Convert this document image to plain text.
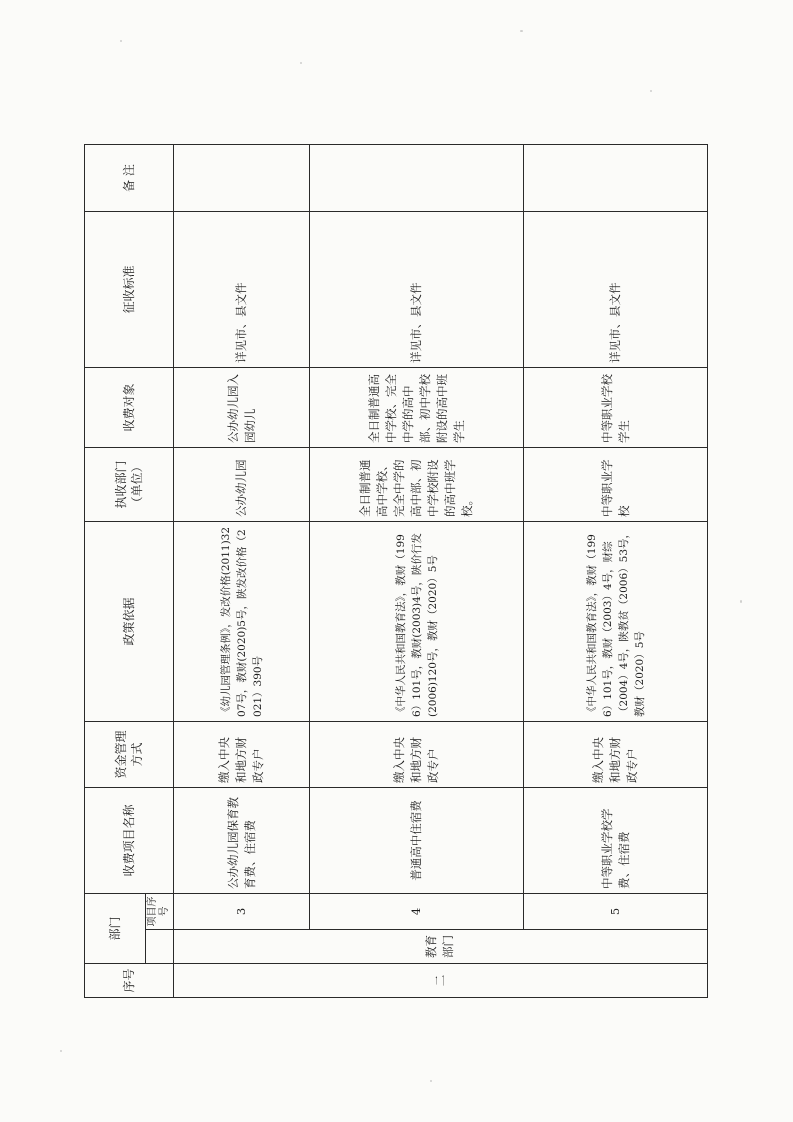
序号	部门		收费项目名称	资金管理方式	政策依据	执收部门（单位）	收费对象	征收标准	备 注
		项目序号							
二	教育部门	3	公办幼儿园保育教育费、住宿费	缴入中央和地方财政专户	《幼儿园管理条例》，发改价格(2011)3207号，教财(2020)5号，陕发改价格（2021）390号	公办幼儿园	公办幼儿园入园幼儿	详见市、县文件	
		4	普通高中住宿费	缴入中央和地方财政专户	《中华人民共和国教育法》，教财（1996）101号，教财(2003)4号，陕价行发(2006)120号，教财（2020）5号	全日制普通高中学校、完全中学的高中部、初中学校附设的高中班学校。	全日制普通高中学校、完全中学的高中部、初中学校附设的高中班学生	详见市、县文件	
		5	中等职业学校学费、住宿费	缴入中央和地方财政专户	《中华人民共和国教育法》，教财（1996）101号，教财（2003）4号，财综（2004）4号，陕教贫（2006）53号，教财（2020）5号	中等职业学校	中等职业学校学生	详见市、县文件	
